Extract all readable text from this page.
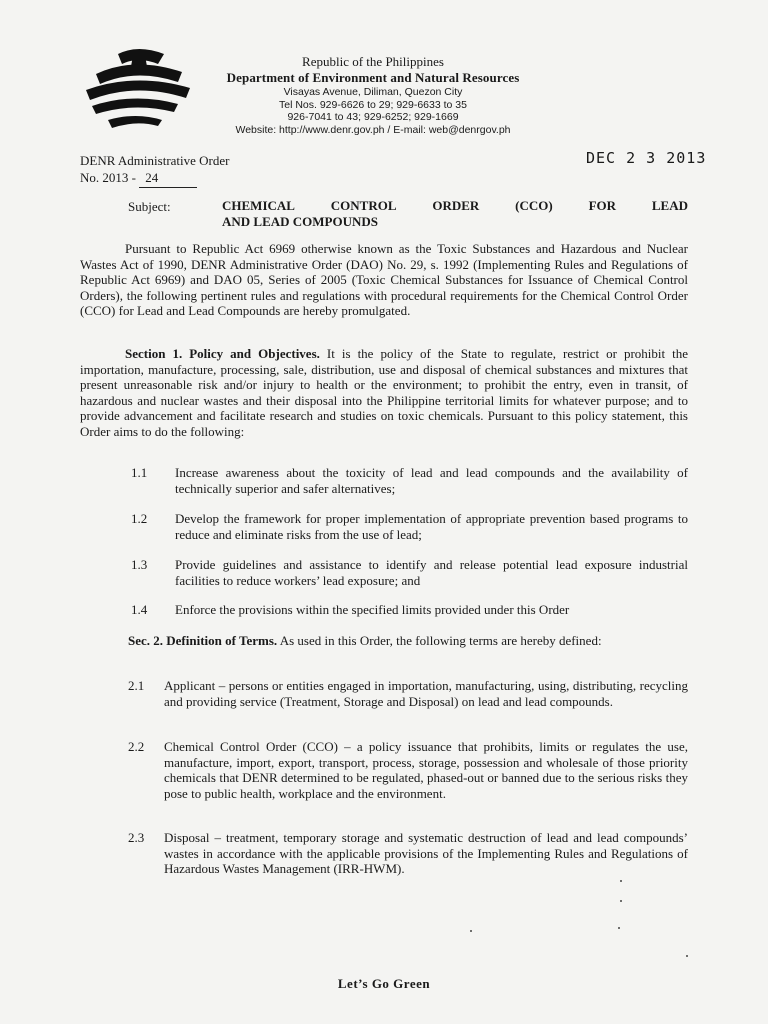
Republic of the Philippines
Department of Environment and Natural Resources
Visayas Avenue, Diliman, Quezon City
Tel Nos. 929-6626 to 29; 929-6633 to 35
926-7041 to 43; 929-6252; 929-1669
Website: http://www.denr.gov.ph / E-mail: web@denrgov.ph
DENR Administrative Order
No. 2013 - 24
DEC 2 3 2013
Subject:	CHEMICAL	CONTROL	ORDER	(CCO)	FOR	LEAD
AND LEAD COMPOUNDS
Pursuant to Republic Act 6969 otherwise known as the Toxic Substances and Hazardous and Nuclear Wastes Act of 1990, DENR Administrative Order (DAO) No. 29, s. 1992 (Implementing Rules and Regulations of Republic Act 6969) and DAO 05, Series of 2005 (Toxic Chemical Substances for Issuance of Chemical Control Orders), the following pertinent rules and regulations with procedural requirements for the Chemical Control Order (CCO) for Lead and Lead Compounds are hereby promulgated.
Section 1. Policy and Objectives. It is the policy of the State to regulate, restrict or prohibit the importation, manufacture, processing, sale, distribution, use and disposal of chemical substances and mixtures that present unreasonable risk and/or injury to health or the environment; to prohibit the entry, even in transit, of hazardous and nuclear wastes and their disposal into the Philippine territorial limits for whatever purpose; and to provide advancement and facilitate research and studies on toxic chemicals. Pursuant to this policy statement, this Order aims to do the following:
1.1 Increase awareness about the toxicity of lead and lead compounds and the availability of technically superior and safer alternatives;
1.2 Develop the framework for proper implementation of appropriate prevention based programs to reduce and eliminate risks from the use of lead;
1.3 Provide guidelines and assistance to identify and release potential lead exposure industrial facilities to reduce workers’ lead exposure; and
1.4 Enforce the provisions within the specified limits provided under this Order
Sec. 2. Definition of Terms. As used in this Order, the following terms are hereby defined:
2.1 Applicant – persons or entities engaged in importation, manufacturing, using, distributing, recycling and providing service (Treatment, Storage and Disposal) on lead and lead compounds.
2.2 Chemical Control Order (CCO) – a policy issuance that prohibits, limits or regulates the use, manufacture, import, export, transport, process, storage, possession and wholesale of those priority chemicals that DENR determined to be regulated, phased-out or banned due to the serious risks they pose to public health, workplace and the environment.
2.3 Disposal – treatment, temporary storage and systematic destruction of lead and lead compounds’ wastes in accordance with the applicable provisions of the Implementing Rules and Regulations of Hazardous Wastes Management (IRR-HWM).
Let’s Go Green
